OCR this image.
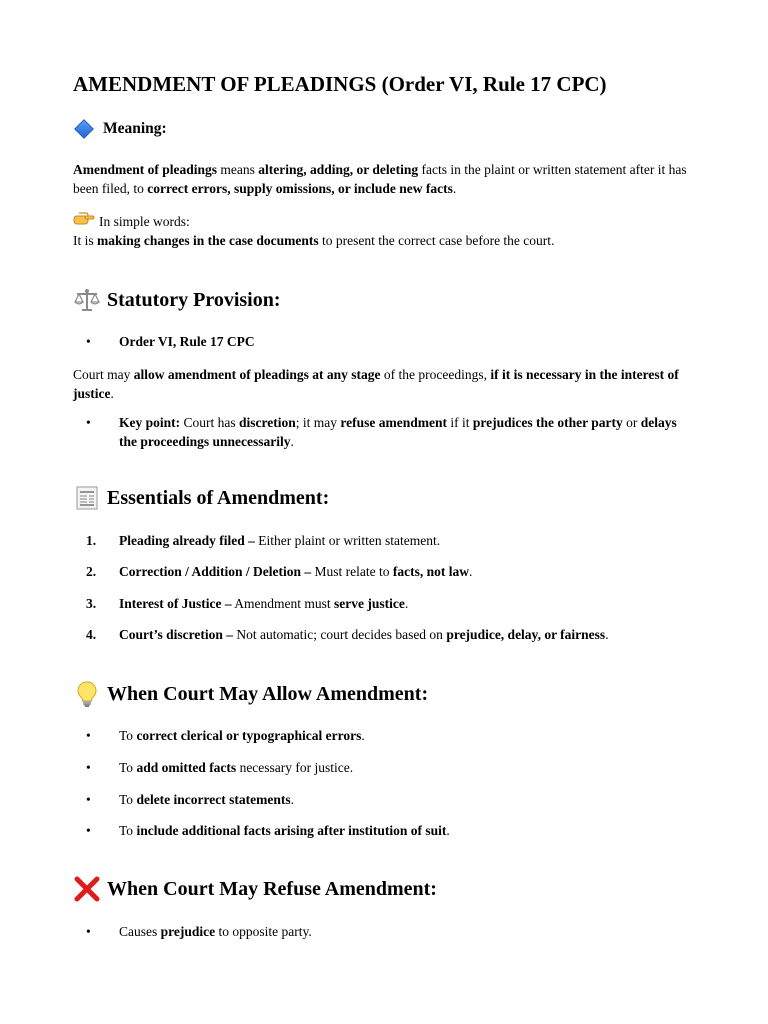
AMENDMENT OF PLEADINGS (Order VI, Rule 17 CPC)
Meaning:

Amendment of pleadings means altering, adding, or deleting facts in the plaint or written statement after it has been filed, to correct errors, supply omissions, or include new facts.

In simple words:

It is making changes in the case documents to present the correct case before the court.

Statutory Provision:
•	Order VI, Rule 17 CPC

Court may allow amendment of pleadings at any stage of the proceedings, if it is necessary in the interest of justice.

•	Key point: Court has discretion; it may refuse amendment if it prejudices the other party or delays the proceedings unnecessarily.
Essentials of Amendment:
1.	Pleading already filed – Either plaint or written statement.
2.	Correction / Addition / Deletion – Must relate to facts, not law.
3.	Interest of Justice – Amendment must serve justice.
4.	Court’s discretion – Not automatic; court decides based on prejudice, delay, or fairness.
When Court May Allow Amendment:
•	To correct clerical or typographical errors.
•	To add omitted facts necessary for justice.
•	To delete incorrect statements.
•	To include additional facts arising after institution of suit.
When Court May Refuse Amendment:
•	Causes prejudice to opposite party.
